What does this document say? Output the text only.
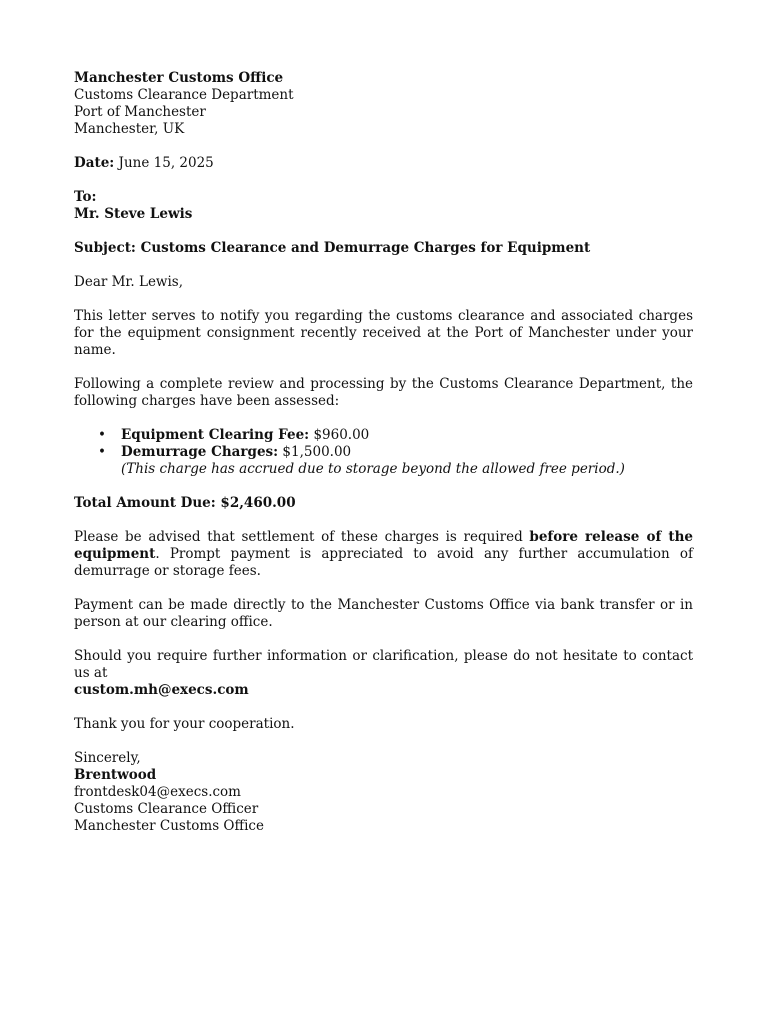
Manchester Customs Office
Customs Clearance Department
Port of Manchester
Manchester, UK
Date: June 15, 2025
To:
Mr. Steve Lewis
Subject: Customs Clearance and Demurrage Charges for Equipment
Dear Mr. Lewis,

This letter serves to notify you regarding the customs clearance and associated charges for the equipment consignment recently received at the Port of Manchester under your name.

Following a complete review and processing by the Customs Clearance Department, the following charges have been assessed:

• Equipment Clearing Fee: $960.00
• Demurrage Charges: $1,500.00
(This charge has accrued due to storage beyond the allowed free period.)
Total Amount Due: $2,460.00

Please be advised that settlement of these charges is required before release of the equipment. Prompt payment is appreciated to avoid any further accumulation of demurrage or storage fees.

Payment can be made directly to the Manchester Customs Office via bank transfer or in person at our clearing office.

Should you require further information or clarification, please do not hesitate to contact us at
custom.mh@execs.com

Thank you for your cooperation.
Sincerely,
Brentwood
frontdesk04@execs.com
Customs Clearance Officer
Manchester Customs Office
